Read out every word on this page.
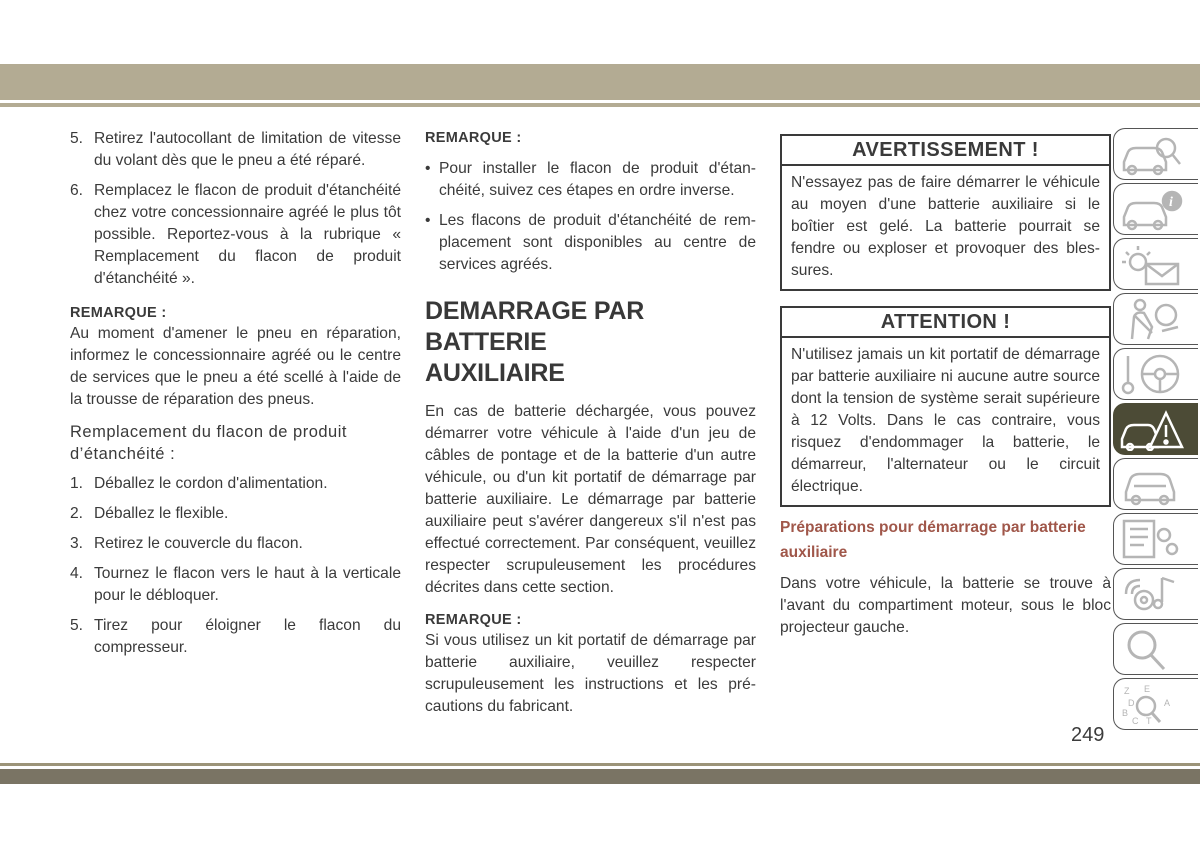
5. Retirez l'autocollant de limitation de vitesse du volant dès que le pneu a été réparé.
6. Remplacez le flacon de produit d'étanchéité chez votre concessionnaire agréé le plus tôt possible. Reportez-vous à la rubrique « Remplacement du flacon de produit d'étanchéité ».

REMARQUE :

Au moment d'amener le pneu en réparation, informez le concessionnaire agréé ou le centre de services que le pneu a été scellé à l'aide de la trousse de réparation des pneus.

Remplacement du flacon de produit d’étanchéité :

1. Déballez le cordon d'alimentation.
2. Déballez le flexible.
3. Retirez le couvercle du flacon.
4. Tournez le flacon vers le haut à la verticale pour le débloquer.
5. Tirez pour éloigner le flacon du compresseur.

REMARQUE :

• Pour installer le flacon de produit d'étanchéité, suivez ces étapes en ordre inverse.
• Les flacons de produit d'étanchéité de remplacement sont disponibles au centre de services agréés.

DEMARRAGE PAR BATTERIE
AUXILIAIRE

En cas de batterie déchargée, vous pouvez démarrer votre véhicule à l'aide d'un jeu de câbles de pontage et de la batterie d'un autre véhicule, ou d'un kit portatif de démarrage par batterie auxiliaire. Le démarrage par batterie auxiliaire peut s'avérer dangereux s'il n'est pas effectué correctement. Par conséquent, veuillez respecter scrupuleusement les procédures décrites dans cette section.

REMARQUE :

Si vous utilisez un kit portatif de démarrage par batterie auxiliaire, veuillez respecter scrupuleusement les instructions et les précautions du fabricant.

AVERTISSEMENT !
N'essayez pas de faire démarrer le véhicule au moyen d'une batterie auxiliaire si le boîtier est gelé. La batterie pourrait se fendre ou exploser et provoquer des blessures.
ATTENTION !
N'utilisez jamais un kit portatif de démarrage par batterie auxiliaire ni aucune autre source dont la tension de système serait supérieure à 12 Volts. Dans le cas contraire, vous risquez d'endommager la batterie, le démarreur, l'alternateur ou le circuit électrique.

Préparations pour démarrage par batterie auxiliaire

Dans votre véhicule, la batterie se trouve à l'avant du compartiment moteur, sous le bloc projecteur gauche.

i
Z E
A
D
B
C T
249
